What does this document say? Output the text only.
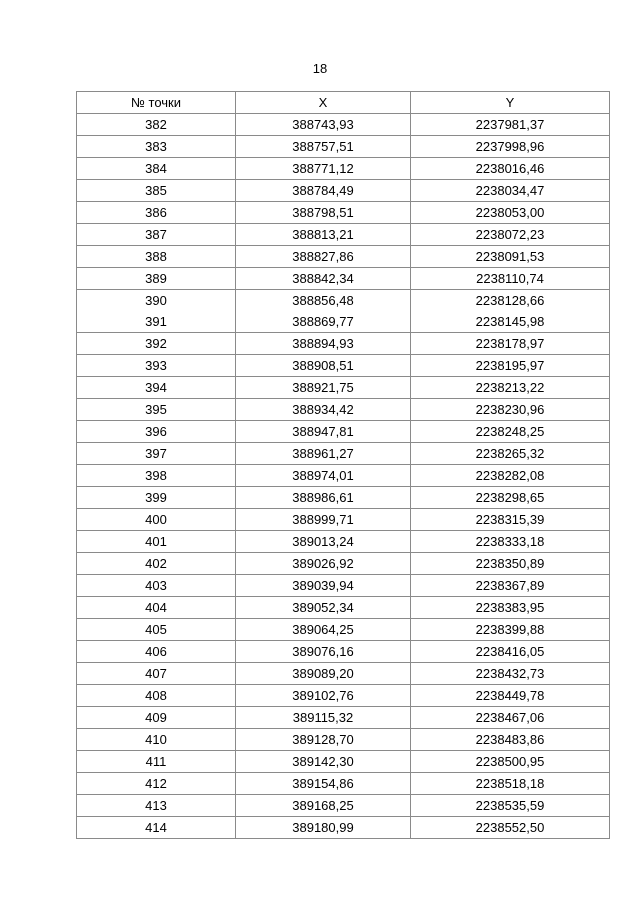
18
№ точки	X	Y
382	388743,93	2237981,37
383	388757,51	2237998,96
384	388771,12	2238016,46
385	388784,49	2238034,47
386	388798,51	2238053,00
387	388813,21	2238072,23
388	388827,86	2238091,53
389	388842,34	2238110,74
390	388856,48	2238128,66
391	388869,77	2238145,98
392	388894,93	2238178,97
393	388908,51	2238195,97
394	388921,75	2238213,22
395	388934,42	2238230,96
396	388947,81	2238248,25
397	388961,27	2238265,32
398	388974,01	2238282,08
399	388986,61	2238298,65
400	388999,71	2238315,39
401	389013,24	2238333,18
402	389026,92	2238350,89
403	389039,94	2238367,89
404	389052,34	2238383,95
405	389064,25	2238399,88
406	389076,16	2238416,05
407	389089,20	2238432,73
408	389102,76	2238449,78
409	389115,32	2238467,06
410	389128,70	2238483,86
411	389142,30	2238500,95
412	389154,86	2238518,18
413	389168,25	2238535,59
414	389180,99	2238552,50
